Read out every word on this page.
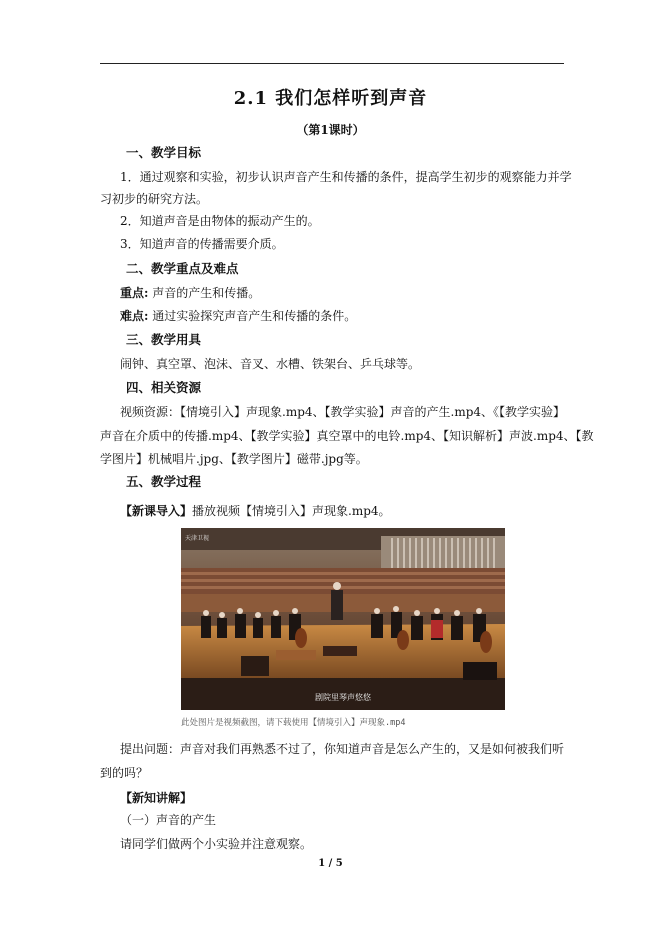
2.1 我们怎样听到声音
（第1课时）
一、教学目标
1．通过观察和实验，初步认识声音产生和传播的条件，提高学生初步的观察能力并学
习初步的研究方法。
2．知道声音是由物体的振动产生的。
3．知道声音的传播需要介质。
二、教学重点及难点
重点: 声音的产生和传播。
难点: 通过实验探究声音产生和传播的条件。
三、教学用具
闹钟、真空罩、泡沫、音叉、水槽、铁架台、乒乓球等。
四、相关资源
视频资源：【情境引入】声现象.mp4、【教学实验】声音的产生.mp4、《【教学实验】
声音在介质中的传播.mp4、【教学实验】真空罩中的电铃.mp4、【知识解析】声波.mp4、【教
学图片】机械唱片.jpg、【教学图片】磁带.jpg等。
五、教学过程
【新课导入】播放视频【情境引入】声现象.mp4。
天津卫视
剧院里琴声悠悠
此处图片是视频截图，请下载使用【情境引入】声现象.mp4
提出问题：声音对我们再熟悉不过了，你知道声音是怎么产生的，又是如何被我们听
到的吗？
【新知讲解】
（一）声音的产生
请同学们做两个小实验并注意观察。
1 / 5
